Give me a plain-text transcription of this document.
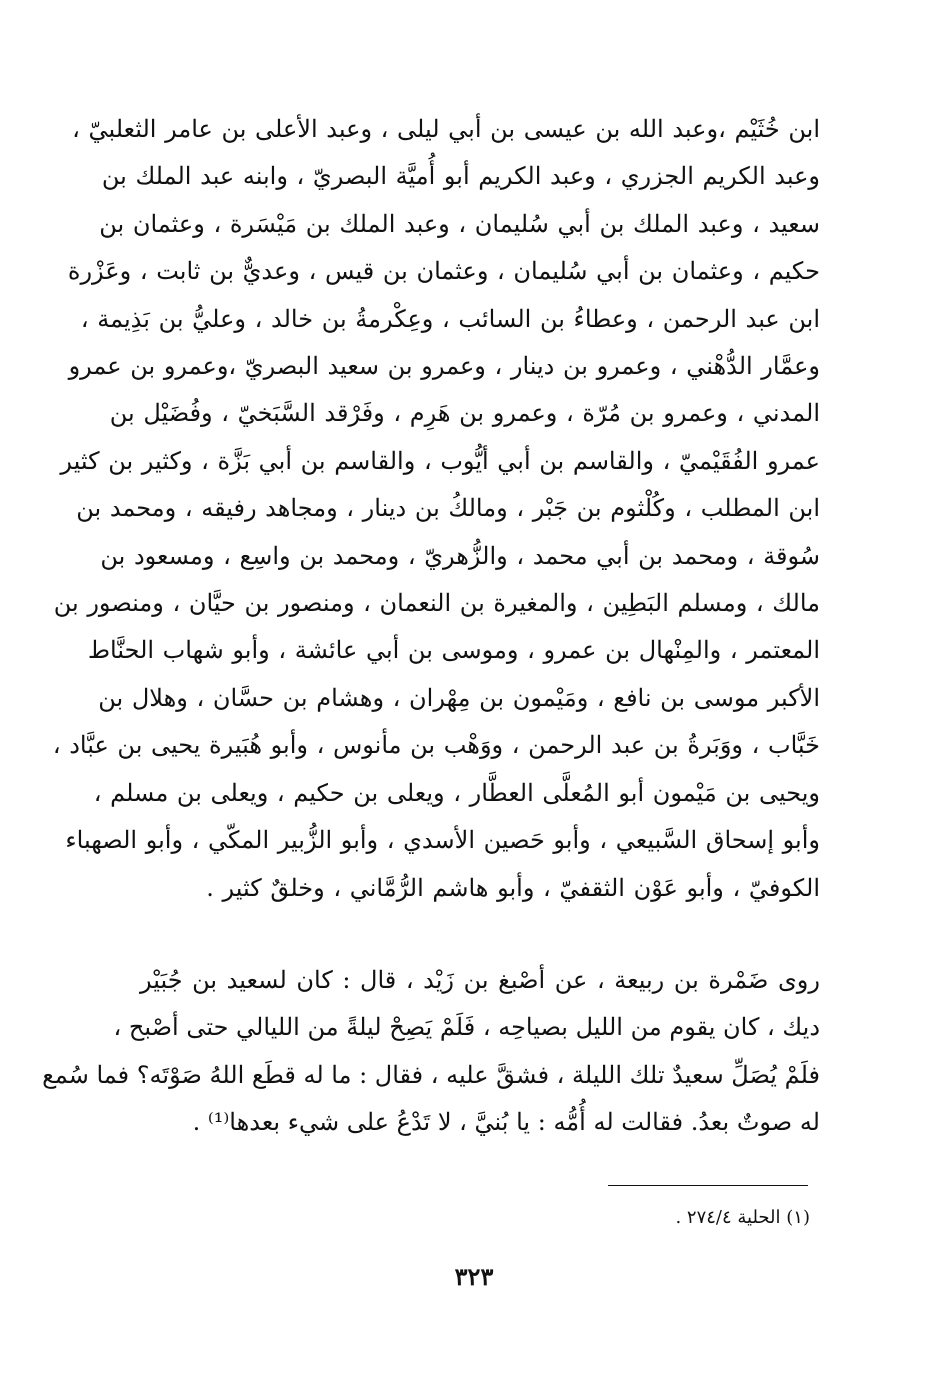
ابن خُثَيْم ،وعبد الله بن عيسى بن أبي ليلى ، وعبد الأعلى بن عامر الثعلبيّ ،
وعبد الكريم الجزري ، وعبد الكريم أبو أُميَّة البصريّ ، وابنه عبد الملك بن
سعيد ، وعبد الملك بن أبي سُليمان ، وعبد الملك بن مَيْسَرة ، وعثمان بن
حكيم ، وعثمان بن أبي سُليمان ، وعثمان بن قيس ، وعديٌّ بن ثابت ، وعَزْرة
ابن عبد الرحمن ، وعطاءُ بن السائب ، وعِكْرمةُ بن خالد ، وعليُّ بن بَذِيمة ،
وعمَّار الدُّهْني ، وعمرو بن دينار ، وعمرو بن سعيد البصريّ ،وعمرو بن عمرو
المدني ، وعمرو بن مُرّة ، وعمرو بن هَرِم ، وفَرْقد السَّبَخيّ ، وفُضَيْل بن
عمرو الفُقَيْميّ ، والقاسم بن أبي أيُّوب ، والقاسم بن أبي بَزَّة ، وكثير بن كثير
ابن المطلب ، وكُلْثوم بن جَبْر ، ومالكُ بن دينار ، ومجاهد رفيقه ، ومحمد بن
سُوقة ، ومحمد بن أبي محمد ، والزُّهريّ ، ومحمد بن واسِع ، ومسعود بن
مالك ، ومسلم البَطِين ، والمغيرة بن النعمان ، ومنصور بن حيَّان ، ومنصور بن
المعتمر ، والمِنْهال بن عمرو ، وموسى بن أبي عائشة ، وأبو شهاب الحنَّاط
الأكبر موسى بن نافع ، ومَيْمون بن مِهْران ، وهشام بن حسَّان ، وهلال بن
خَبَّاب ، ووَبَرةُ بن عبد الرحمن ، ووَهْب بن مأنوس ، وأبو هُبَيرة يحيى بن عبَّاد ،
ويحيى بن مَيْمون أبو المُعلَّى العطَّار ، ويعلى بن حكيم ، ويعلى بن مسلم ،
وأبو إسحاق السَّبيعي ، وأبو حَصين الأسدي ، وأبو الزُّبير المكّي ، وأبو الصهباء
الكوفيّ ، وأبو عَوْن الثقفيّ ، وأبو هاشم الرُّمَّاني ، وخلقٌ كثير .
روى ضَمْرة بن ربيعة ، عن أصْبغ بن زَيْد ، قال : كان لسعيد بن جُبَيْر
ديك ، كان يقوم من الليل بصياحِه ، فَلَمْ يَصِحْ ليلةً من الليالي حتى أصْبح ،
فلَمْ يُصَلِّ سعيدٌ تلك الليلة ، فشقَّ عليه ، فقال : ما له قطَع اللهُ صَوْتَه؟ فما سُمع
له صوتٌ بعدُ. فقالت له أُمُّه : يا بُنيَّ ، لا تَدْعُ على شيء بعدها⁽¹⁾ .
(١) الحلية ٢٧٤/٤ .
٣٢٣
